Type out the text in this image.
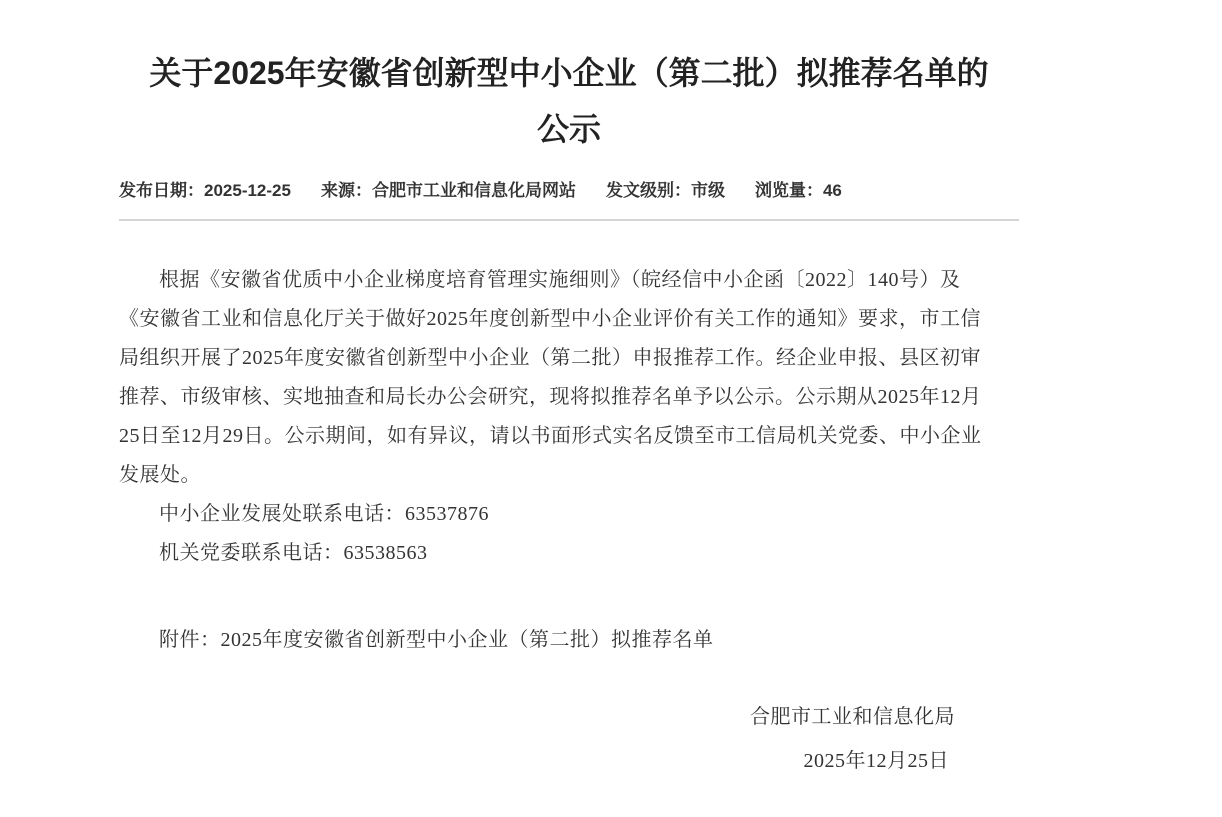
关于2025年安徽省创新型中小企业（第二批）拟推荐名单的
公示
发布日期：2025-12-25 来源：合肥市工业和信息化局网站 发文级别：市级 浏览量：46
根据《安徽省优质中小企业梯度培育管理实施细则》（皖经信中小企函〔2022〕140号）及
《安徽省工业和信息化厅关于做好2025年度创新型中小企业评价有关工作的通知》要求，市工信
局组织开展了2025年度安徽省创新型中小企业（第二批）申报推荐工作。经企业申报、县区初审
推荐、市级审核、实地抽查和局长办公会研究，现将拟推荐名单予以公示。公示期从2025年12月
25日至12月29日。公示期间，如有异议，请以书面形式实名反馈至市工信局机关党委、中小企业
发展处。
中小企业发展处联系电话：63537876
机关党委联系电话：63538563
附件：2025年度安徽省创新型中小企业（第二批）拟推荐名单
合肥市工业和信息化局
2025年12月25日
